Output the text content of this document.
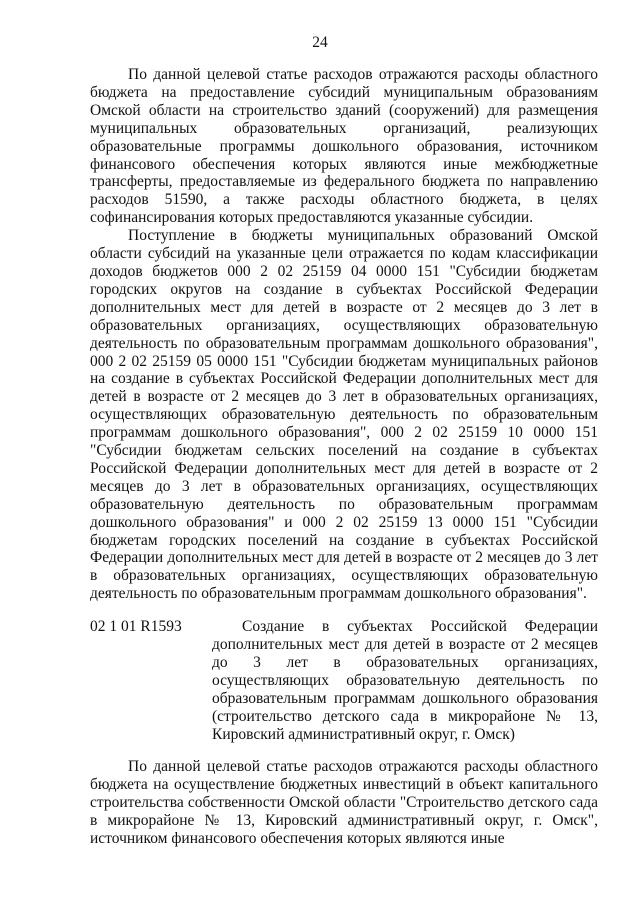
24

По данной целевой статье расходов отражаются расходы областного бюджета на предоставление субсидий муниципальным образованиям Омской области на строительство зданий (сооружений) для размещения муниципальных образовательных организаций, реализующих образовательные программы дошкольного образования, источником финансового обеспечения которых являются иные межбюджетные трансферты, предоставляемые из федерального бюджета по направлению расходов 51590, а также расходы областного бюджета, в целях софинансирования которых предоставляются указанные субсидии.

Поступление в бюджеты муниципальных образований Омской области субсидий на указанные цели отражается по кодам классификации доходов бюджетов 000 2 02 25159 04 0000 151 "Субсидии бюджетам городских округов на создание в субъектах Российской Федерации дополнительных мест для детей в возрасте от 2 месяцев до 3 лет в образовательных организациях, осуществляющих образовательную деятельность по образовательным программам дошкольного образования", 000 2 02 25159 05 0000 151 "Субсидии бюджетам муниципальных районов на создание в субъектах Российской Федерации дополнительных мест для детей в возрасте от 2 месяцев до 3 лет в образовательных организациях, осуществляющих образовательную деятельность по образовательным программам дошкольного образования", 000 2 02 25159 10 0000 151 "Субсидии бюджетам сельских поселений на создание в субъектах Российской Федерации дополнительных мест для детей в возрасте от 2 месяцев до 3 лет в образовательных организациях, осуществляющих образовательную деятельность по образовательным программам дошкольного образования" и 000 2 02 25159 13 0000 151 "Субсидии бюджетам городских поселений на создание в субъектах Российской Федерации дополнительных мест для детей в возрасте от 2 месяцев до 3 лет в образовательных организациях, осуществляющих образовательную деятельность по образовательным программам дошкольного образования".

02 1 01 R1593	Создание в субъектах Российской Федерации дополнительных мест для детей в возрасте от 2 месяцев до 3 лет в образовательных организациях, осуществляющих образовательную деятельность по образовательным программам дошкольного образования (строительство детского сада в микрорайоне № 13, Кировский административный округ, г. Омск)

По данной целевой статье расходов отражаются расходы областного бюджета на осуществление бюджетных инвестиций в объект капитального строительства собственности Омской области "Строительство детского сада в микрорайоне № 13, Кировский административный округ, г. Омск", источником финансового обеспечения которых являются иные
